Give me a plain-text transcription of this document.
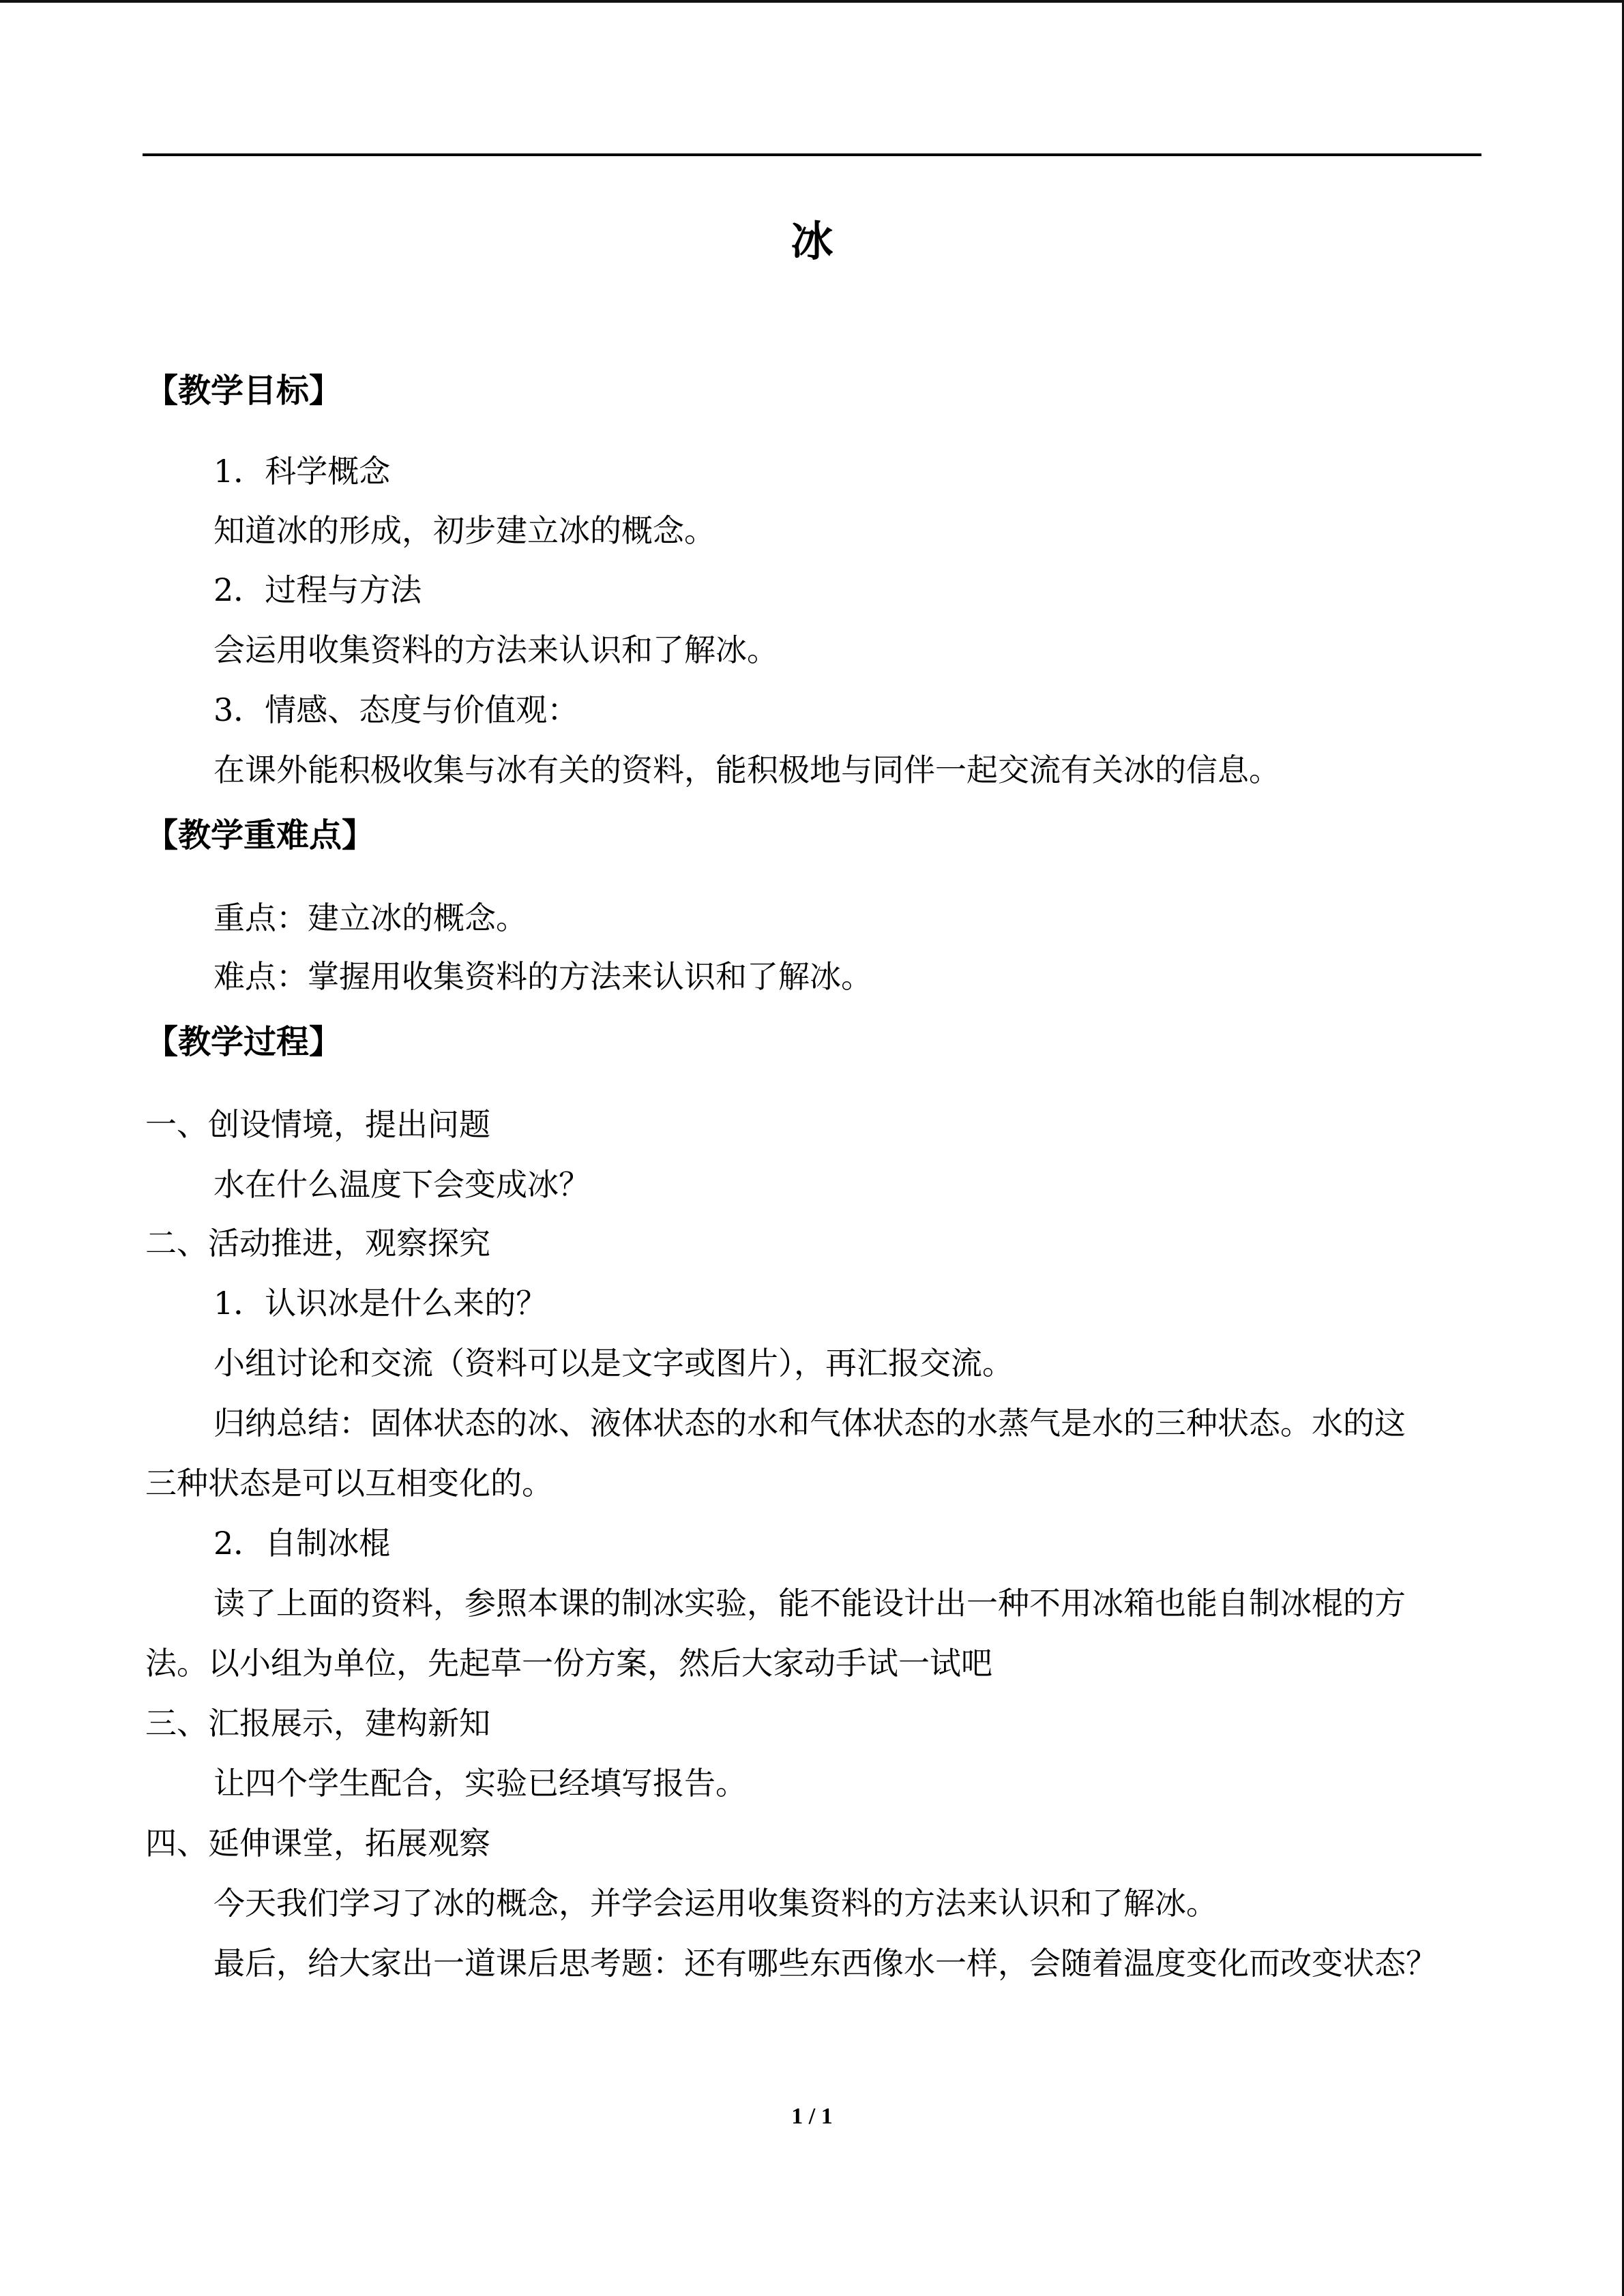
冰
【教学目标】
1．科学概念
知道冰的形成，初步建立冰的概念。
2．过程与方法
会运用收集资料的方法来认识和了解冰。
3．情感、态度与价值观：
在课外能积极收集与冰有关的资料，能积极地与同伴一起交流有关冰的信息。
【教学重难点】
重点：建立冰的概念。
难点：掌握用收集资料的方法来认识和了解冰。
【教学过程】
一、创设情境，提出问题
水在什么温度下会变成冰？
二、活动推进，观察探究
1．认识冰是什么来的？
小组讨论和交流（资料可以是文字或图片），再汇报交流。
归纳总结：固体状态的冰、液体状态的水和气体状态的水蒸气是水的三种状态。水的这
三种状态是可以互相变化的。
2．自制冰棍
读了上面的资料，参照本课的制冰实验，能不能设计出一种不用冰箱也能自制冰棍的方
法。以小组为单位，先起草一份方案，然后大家动手试一试吧
三、汇报展示，建构新知
让四个学生配合，实验已经填写报告。
四、延伸课堂，拓展观察
今天我们学习了冰的概念，并学会运用收集资料的方法来认识和了解冰。
最后，给大家出一道课后思考题：还有哪些东西像水一样，会随着温度变化而改变状态？
1 / 1
